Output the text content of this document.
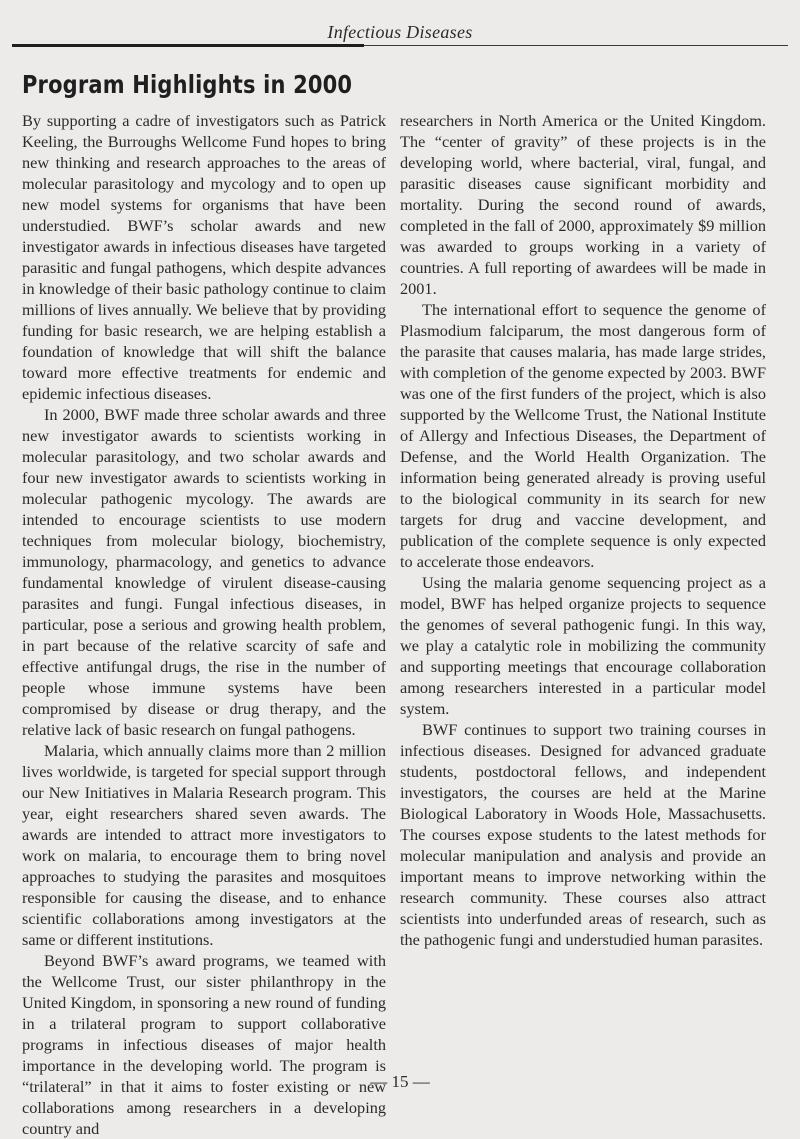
Infectious Diseases
Program Highlights in 2000

By supporting a cadre of investigators such as Patrick Keeling, the Burroughs Wellcome Fund hopes to bring new thinking and research approaches to the areas of molecular parasitology and mycology and to open up new model systems for organisms that have been understudied. BWF’s scholar awards and new investigator awards in infectious diseases have targeted parasitic and fungal pathogens, which despite advances in knowledge of their basic pathology continue to claim millions of lives annually. We believe that by providing funding for basic research, we are helping establish a foundation of knowledge that will shift the balance toward more effective treatments for endemic and epidemic infectious diseases.

In 2000, BWF made three scholar awards and three new investigator awards to scientists working in molecular parasitology, and two scholar awards and four new investigator awards to scientists working in molecular pathogenic mycology. The awards are intended to encourage scientists to use modern techniques from molecular biology, biochemistry, immunology, pharmacology, and genetics to advance fundamental knowledge of virulent disease-causing parasites and fungi. Fungal infectious diseases, in particular, pose a serious and growing health problem, in part because of the relative scarcity of safe and effective antifungal drugs, the rise in the number of people whose immune systems have been compromised by disease or drug therapy, and the relative lack of basic research on fungal pathogens.

Malaria, which annually claims more than 2 million lives worldwide, is targeted for special support through our New Initiatives in Malaria Research program. This year, eight researchers shared seven awards. The awards are intended to attract more investigators to work on malaria, to encourage them to bring novel approaches to studying the parasites and mosquitoes responsible for causing the disease, and to enhance scientific collaborations among investigators at the same or different institutions.

Beyond BWF’s award programs, we teamed with the Wellcome Trust, our sister philanthropy in the United Kingdom, in sponsoring a new round of funding in a trilateral program to support collaborative programs in infectious diseases of major health importance in the developing world. The program is “trilateral” in that it aims to foster existing or new collaborations among researchers in a developing country and

researchers in North America or the United Kingdom. The “center of gravity” of these projects is in the developing world, where bacterial, viral, fungal, and parasitic diseases cause significant morbidity and mortality. During the second round of awards, completed in the fall of 2000, approximately $9 million was awarded to groups working in a variety of countries. A full reporting of awardees will be made in 2001.

The international effort to sequence the genome of Plasmodium falciparum, the most dangerous form of the parasite that causes malaria, has made large strides, with completion of the genome expected by 2003. BWF was one of the first funders of the project, which is also supported by the Wellcome Trust, the National Institute of Allergy and Infectious Diseases, the Department of Defense, and the World Health Organization. The information being generated already is proving useful to the biological community in its search for new targets for drug and vaccine development, and publication of the complete sequence is only expected to accelerate those endeavors.

Using the malaria genome sequencing project as a model, BWF has helped organize projects to sequence the genomes of several pathogenic fungi. In this way, we play a catalytic role in mobilizing the community and supporting meetings that encourage collaboration among researchers interested in a particular model system.

BWF continues to support two training courses in infectious diseases. Designed for advanced graduate students, postdoctoral fellows, and independent investigators, the courses are held at the Marine Biological Laboratory in Woods Hole, Massachusetts. The courses expose students to the latest methods for molecular manipulation and analysis and provide an important means to improve networking within the research community. These courses also attract scientists into underfunded areas of research, such as the pathogenic fungi and understudied human parasites.

— 15 —
